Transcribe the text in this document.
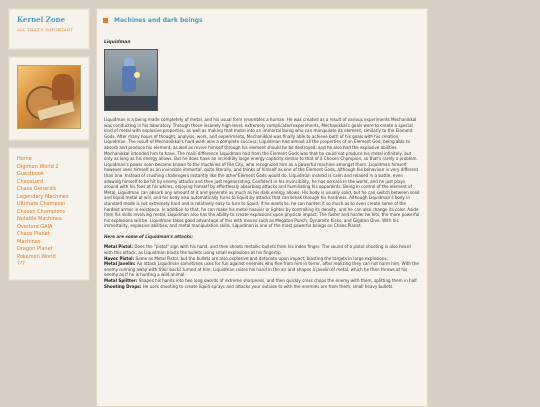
Kernel Zone
ALL THAT'S IMPORTANT
Home
Digimon World 2
Guestbook
ChaosLord
Chaos Generals
Legendary Machines
Ultimate Champion
Chosen Champions
Notable Machines
Overlord GAIA
Chaos Planet
Machines
Dragon Planet
Pokemon World
???
Machines and dark beings
Liquidman

Liquidman is a being made completely of metal, and his usual form resembles a human. He was created as a result of various experiments Mechanikkal was conducting in his laboratory. Through those insanely high-level, extremely complicated experiments, Mechanikkal's goals were to create a special kind of metal with explosive properties, as well as making that metal into an immortal being who can manipulate its element, similarly to the Element Gods. After many hours of thought, analysis, work, and experiments, Mechanikkal was finally able to achieve both of his goals with his creation, Liquidman. The result of Mechanikkal's hard work was a complete success; Liquidman had almost all the properties of an Element God, being able to absorb and produce his element, as well as revive himself through his element should he be destroyed, and he also had the explosive abilities Mechanikkal intended him to have. The main difference Liquidman had from the Element Gods was that he could not produce his metal infinitely, but only as long as his energy allows. But he does have an incredibly large energy capacity similar to that of a Chosen Champion, so that's rarely a problem. Liquidman's power soon became known to the machines of File City, who recognized him as a powerful machine amongst them. Liquidman himself however sees himself as an invincible immortal, quite literally, and thinks of himself as one of the Element Gods, although his behaviour is very different than one. Instead of crushing challengers instantly like the other Element Gods would do, Liquidman instead is calm and relaxed in a battle, even allowing himself to be hit by enemy attacks and then just regenerating. Confident in his invincibility, he has no care in the world, and he just plays around with his foes at his whims, enjoying himself by effortlessly absorbing attacks and humiliating his opponents. Being in control of the element of Metal, Liquidman can absorb any amount of it and generate as much as his dark energy allows. His body is usually solid, but he can switch between solid and liquid metal at will, and his body also automatically turns to liquid by attacks that can break through his hardness. Although Liquidman's body in standard mode is not extremely hard and is relatively easy to turn to liquid, if he wants to, he can harden it so much as to even create some of the hardest armor in existence. In addition to that, he can make his metal heavier or lighter by controlling its density, and he can also change its color. Aside from his skills involving metal, Liquidman also has the ability to create explosions upon physical impact. The faster and harder he hits, the more powerful his explosions will be. Liquidman takes good advantage of this with moves such as Megaton Punch, Dynamite Kicks, and Gigaton Dive. With his immortality, explosive abilities, and metal manipulation skills, Liquidman is one of the most powerful beings on Chaos Planet.

Here are some of Liquidman's attacks:

Metal Pistol: Does the "pistol" sign with his hand, and then shoots metallic bullets from his index finger. The sound of a pistol shooting is also heard with this attack, as Liquidman blasts the bullets using small explosions at his fingertip.
Havoc Pistol: Same as Metal Pistol, but the bullets are also explosive and detonate upon impact, blasting the targets in large explosions.
Metal Javelin: An attack Liquidman sometimes uses for fun against enemies who flee from him in terror, after realizing they can not harm him. With the enemy running away with their backs turned at him, Liquidman raises his hand in the air and shapes a javelin of metal, which he then throws at his enemy as if he is hunting a wild animal.
Metal Splitter: Shapes his hands into two long swords of extreme sharpness, and then quickly cross chops the enemy with them, splitting them in half.
Shooting Drops: He uses shooting to create liquid sprays and attacks your outside to with the enemies are from them, small heavy bullets.
